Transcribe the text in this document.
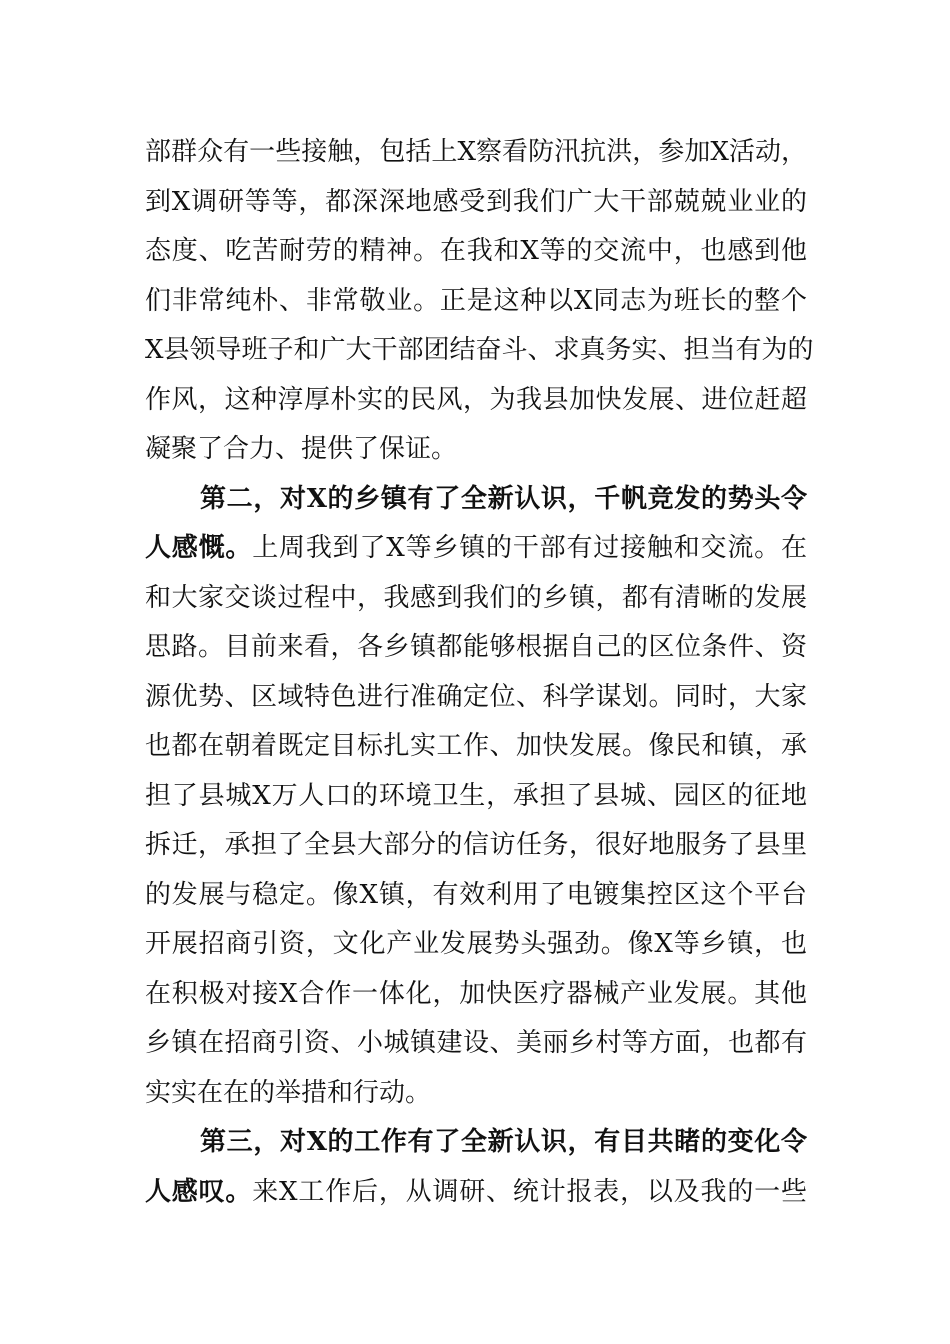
部群众有一些接触，包括上X察看防汛抗洪，参加X活动，
到X调研等等，都深深地感受到我们广大干部兢兢业业的
态度、吃苦耐劳的精神。在我和X等的交流中，也感到他
们非常纯朴、非常敬业。正是这种以X同志为班长的整个
X县领导班子和广大干部团结奋斗、求真务实、担当有为的
作风，这种淳厚朴实的民风，为我县加快发展、进位赶超
凝聚了合力、提供了保证。
第二，对X的乡镇有了全新认识，千帆竞发的势头令
人感慨。上周我到了X等乡镇的干部有过接触和交流。在
和大家交谈过程中，我感到我们的乡镇，都有清晰的发展
思路。目前来看，各乡镇都能够根据自己的区位条件、资
源优势、区域特色进行准确定位、科学谋划。同时，大家
也都在朝着既定目标扎实工作、加快发展。像民和镇，承
担了县城X万人口的环境卫生，承担了县城、园区的征地
拆迁，承担了全县大部分的信访任务，很好地服务了县里
的发展与稳定。像X镇，有效利用了电镀集控区这个平台
开展招商引资，文化产业发展势头强劲。像X等乡镇，也
在积极对接X合作一体化，加快医疗器械产业发展。其他
乡镇在招商引资、小城镇建设、美丽乡村等方面，也都有
实实在在的举措和行动。
第三，对X的工作有了全新认识，有目共睹的变化令
人感叹。来X工作后，从调研、统计报表，以及我的一些
